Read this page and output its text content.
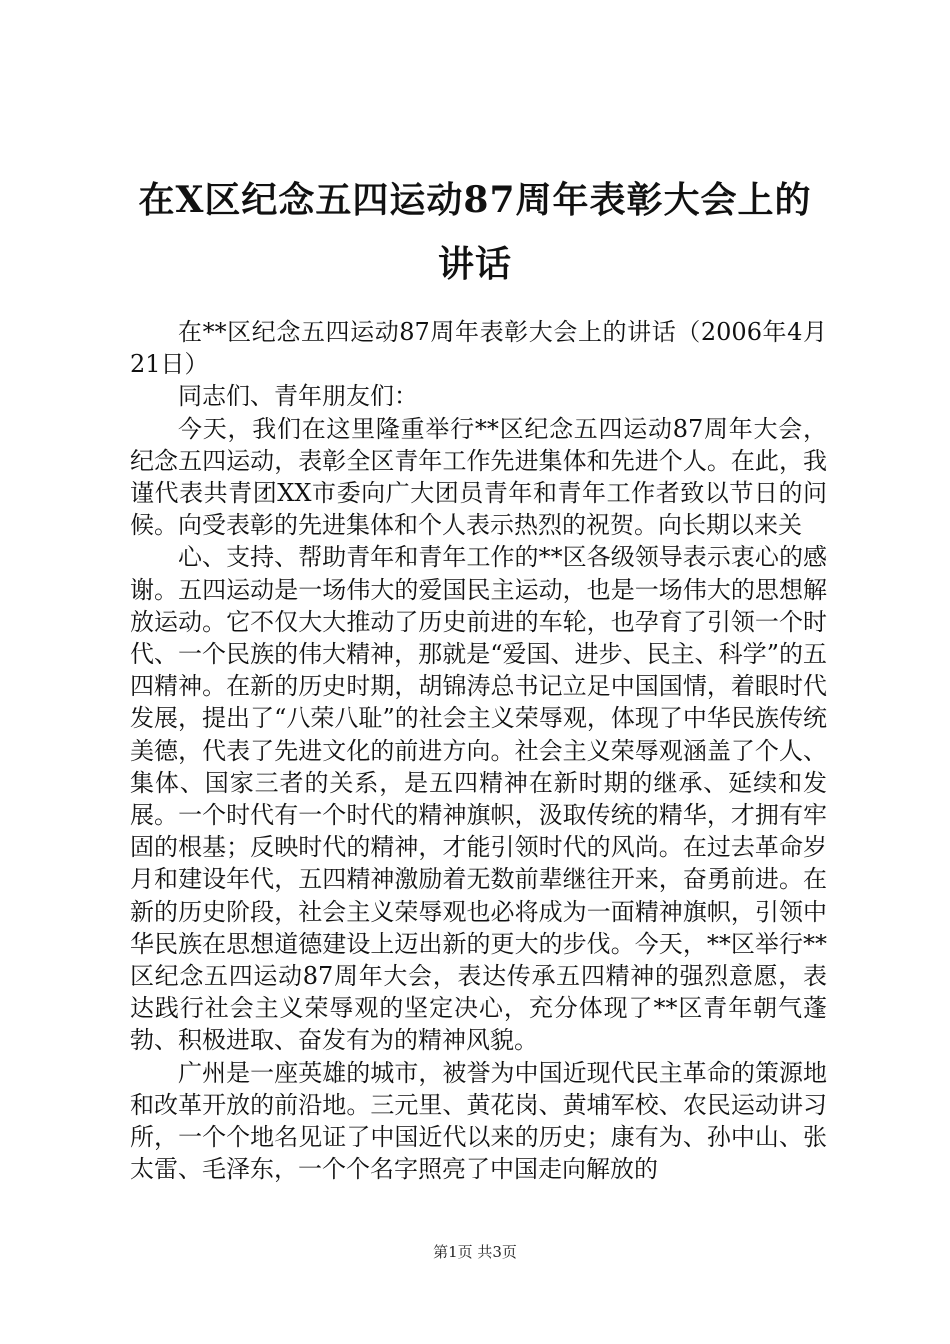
在X区纪念五四运动87周年表彰大会上的讲话

在**区纪念五四运动87周年表彰大会上的讲话（2006年4月21日）

同志们、青年朋友们：

今天，我们在这里隆重举行**区纪念五四运动87周年大会，纪念五四运动，表彰全区青年工作先进集体和先进个人。在此，我谨代表共青团XX市委向广大团员青年和青年工作者致以节日的问候。向受表彰的先进集体和个人表示热烈的祝贺。向长期以来关

心、支持、帮助青年和青年工作的**区各级领导表示衷心的感谢。五四运动是一场伟大的爱国民主运动，也是一场伟大的思想解放运动。它不仅大大推动了历史前进的车轮，也孕育了引领一个时代、一个民族的伟大精神，那就是“爱国、进步、民主、科学”的五四精神。在新的历史时期，胡锦涛总书记立足中国国情，着眼时代发展，提出了“八荣八耻”的社会主义荣辱观，体现了中华民族传统美德，代表了先进文化的前进方向。社会主义荣辱观涵盖了个人、集体、国家三者的关系，是五四精神在新时期的继承、延续和发展。一个时代有一个时代的精神旗帜，汲取传统的精华，才拥有牢固的根基；反映时代的精神，才能引领时代的风尚。在过去革命岁月和建设年代，五四精神激励着无数前辈继往开来，奋勇前进。在新的历史阶段，社会主义荣辱观也必将成为一面精神旗帜，引领中华民族在思想道德建设上迈出新的更大的步伐。今天，**区举行**区纪念五四运动87周年大会，表达传承五四精神的强烈意愿，表达践行社会主义荣辱观的坚定决心，充分体现了**区青年朝气蓬勃、积极进取、奋发有为的精神风貌。

广州是一座英雄的城市，被誉为中国近现代民主革命的策源地和改革开放的前沿地。三元里、黄花岗、黄埔军校、农民运动讲习所，一个个地名见证了中国近代以来的历史；康有为、孙中山、张太雷、毛泽东，一个个名字照亮了中国走向解放的

第1页 共3页
